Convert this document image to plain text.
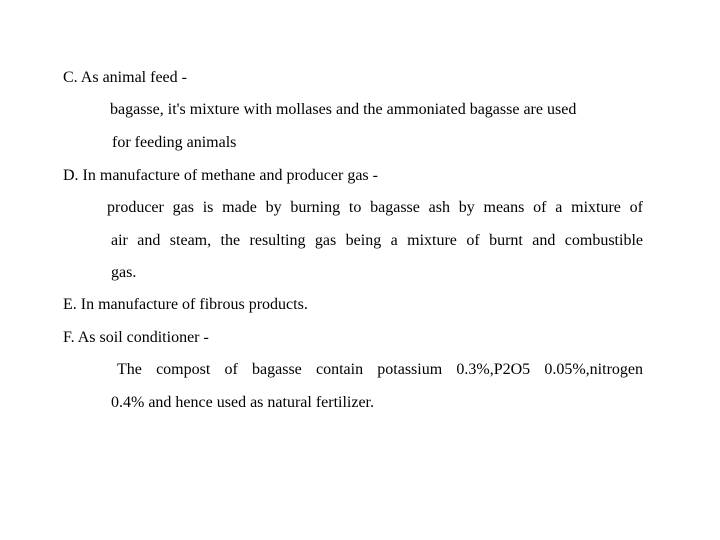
C. As animal feed -
bagasse, it's mixture with mollases and the ammoniated bagasse are used
for feeding animals
D. In manufacture of methane and producer gas -
producer gas is made by burning to bagasse ash by means of a mixture of
air and steam, the resulting gas being a mixture of burnt and combustible
gas.
E. In manufacture of fibrous products.
F. As soil conditioner -
The compost of bagasse contain potassium 0.3%,P2O5 0.05%,nitrogen
0.4% and hence used as natural fertilizer.
